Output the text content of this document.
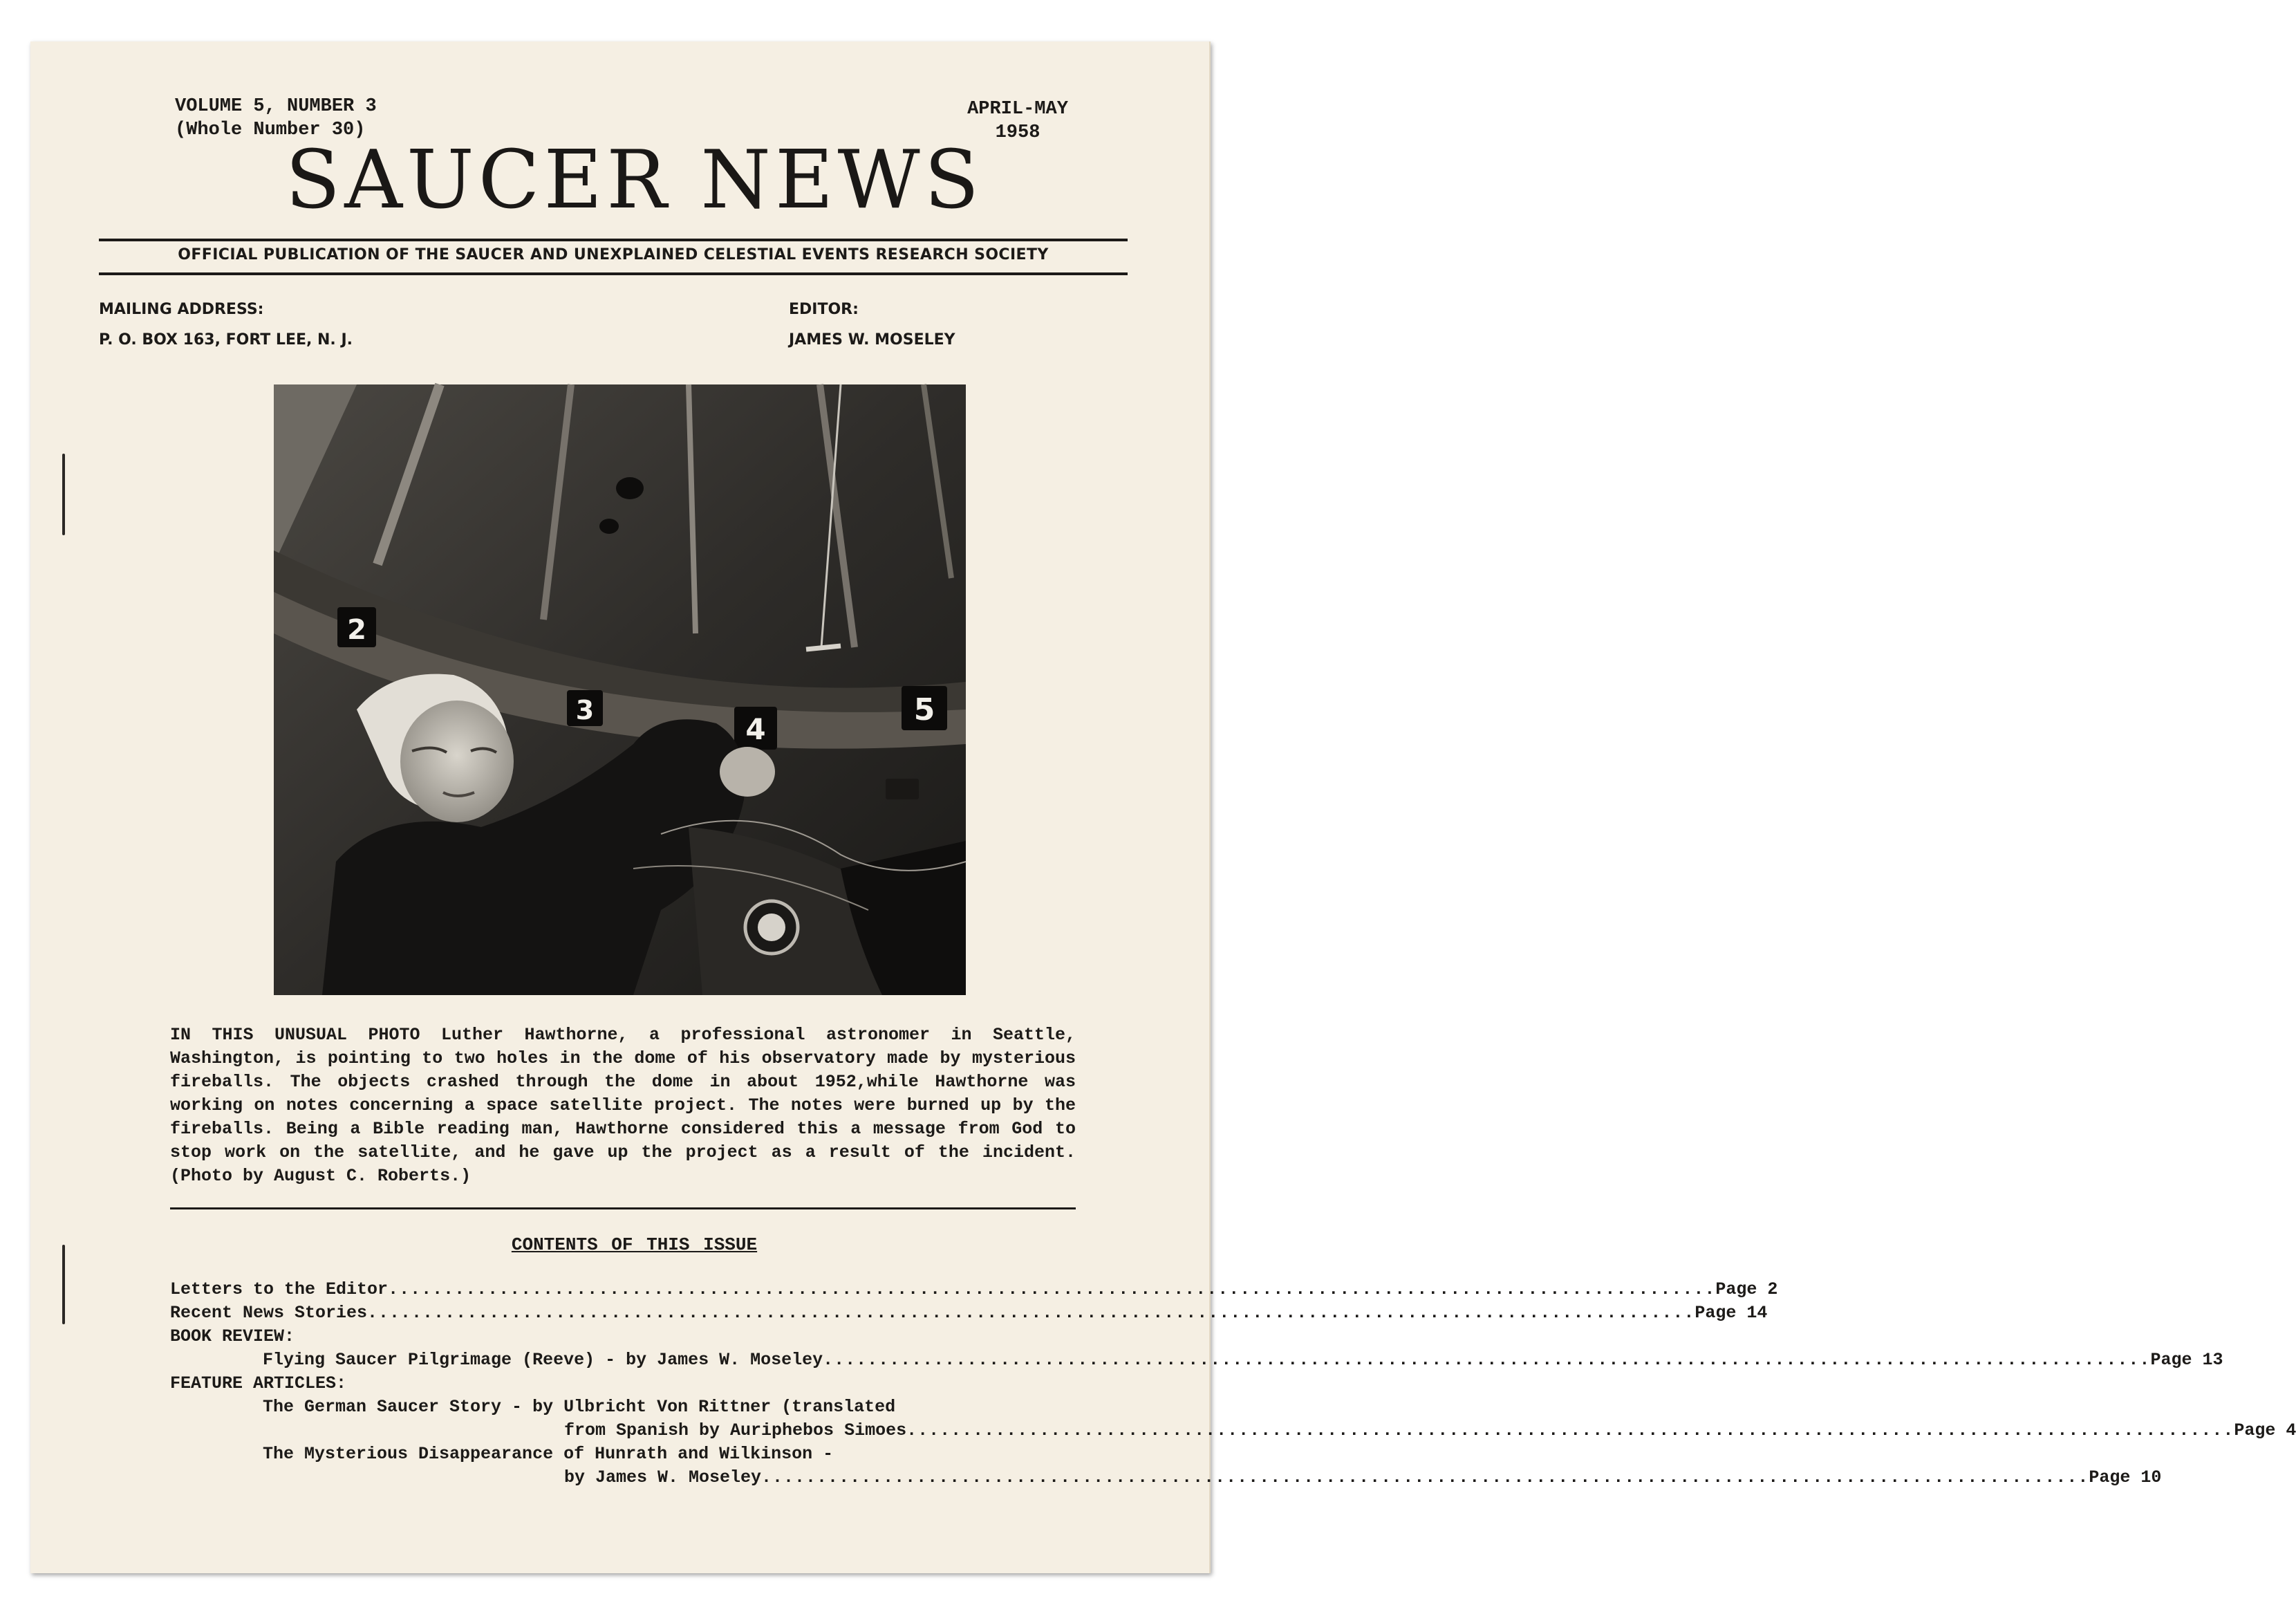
VOLUME 5, NUMBER 3
(Whole Number 30)
APRIL-MAY
1958
SAUCER NEWS
OFFICIAL PUBLICATION OF THE SAUCER AND UNEXPLAINED CELESTIAL EVENTS RESEARCH SOCIETY
MAILING ADDRESS:
P. O. BOX 163, FORT LEE, N. J.
EDITOR:
JAMES W. MOSELEY
2
3
4
5
IN THIS UNUSUAL PHOTO Luther Hawthorne, a professional astronomer in Seattle, Washington, is pointing to two holes in the dome of his observatory made by mysterious fireballs. The objects crashed through the dome in about 1952,while Hawthorne was working on notes concerning a space satellite project. The notes were burned up by the fireballs. Being a Bible reading man, Hawthorne considered this a message from God to stop work on the satellite, and he gave up the project as a result of the incident. (Photo by August C. Roberts.)
CONTENTS OF THIS ISSUE
Letters to the Editor ........................................................................................................................ Page 2
Recent News Stories ........................................................................................................................ Page 14
BOOK REVIEW:
Flying Saucer Pilgrimage (Reeve) - by James W. Moseley ........................................................................................................................ Page 13
FEATURE ARTICLES:
The German Saucer Story - by Ulbricht Von Rittner (translated
from Spanish by Auriphebos Simoes ........................................................................................................................ Page 4
The Mysterious Disappearance of Hunrath and Wilkinson -
by James W. Moseley ........................................................................................................................ Page 10
